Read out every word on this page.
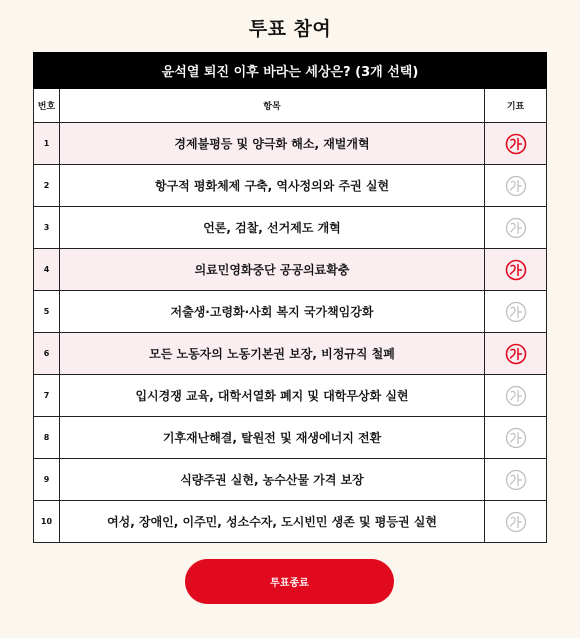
투표 참여
윤석열 퇴진 이후 바라는 세상은? (3개 선택)		
번호	항목	기표
1	경제불평등 및 양극화 해소, 재벌개혁	

2	항구적 평화체제 구축, 역사정의와 주권 실현	

3	언론, 검찰, 선거제도 개혁	

4	의료민영화중단 공공의료확충	

5	저출생·고령화·사회 복지 국가책임강화	

6	모든 노동자의 노동기본권 보장, 비정규직 철폐	

7	입시경쟁 교육, 대학서열화 폐지 및 대학무상화 실현	

8	기후재난해결, 탈원전 및 재생에너지 전환	

9	식량주권 실현, 농수산물 가격 보장	

10	여성, 장애인, 이주민, 성소수자, 도시빈민 생존 및 평등권 실현	
투표종료
